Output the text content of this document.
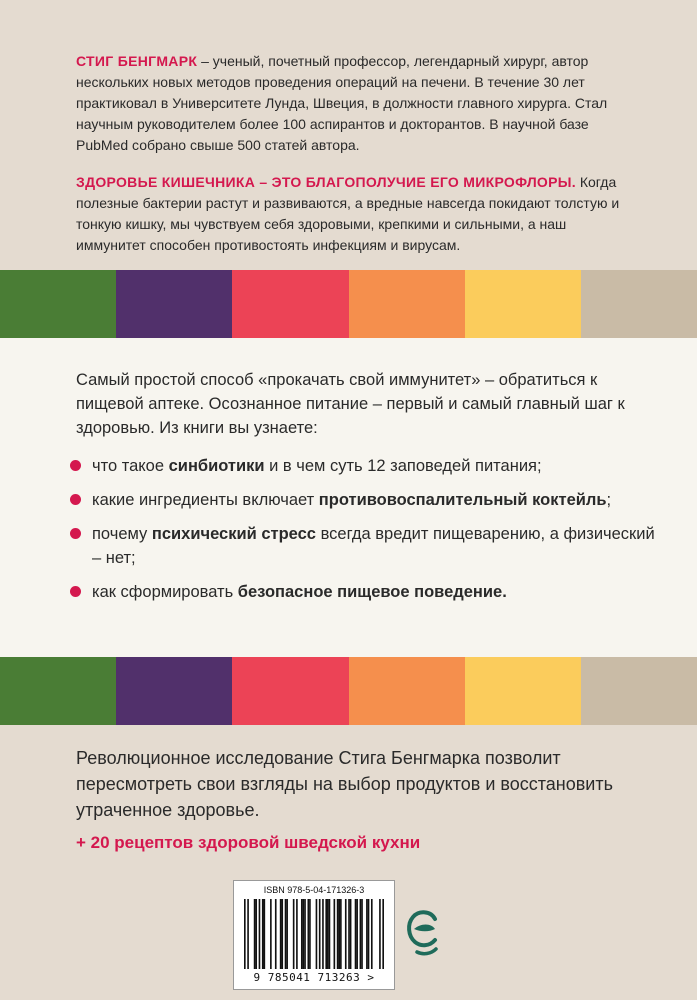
СТИГ БЕНГМАРК – ученый, почетный профессор, легендарный хирург, автор нескольких новых методов проведения операций на печени. В течение 30 лет практиковал в Университете Лунда, Швеция, в должности главного хирурга. Стал научным руководителем более 100 аспирантов и докторантов. В научной базе PubMed собрано свыше 500 статей автора.

ЗДОРОВЬЕ КИШЕЧНИКА – ЭТО БЛАГОПОЛУЧИЕ ЕГО МИКРОФЛОРЫ. Когда полезные бактерии растут и развиваются, а вредные навсегда покидают толстую и тонкую кишку, мы чувствуем себя здоровыми, крепкими и сильными, а наш иммунитет способен противостоять инфекциям и вирусам.

Самый простой способ «прокачать свой иммунитет» – обратиться к пищевой аптеке. Осознанное питание – первый и самый главный шаг к здоровью. Из книги вы узнаете:

что такое синбиотики и в чем суть 12 заповедей питания;
какие ингредиенты включает противовоспалительный коктейль;
почему психический стресс всегда вредит пищеварению, а физический – нет;
как сформировать безопасное пищевое поведение.

Революционное исследование Стига Бенгмарка позволит пересмотреть свои взгляды на выбор продуктов и восстановить утраченное здоровье.

+ 20 рецептов здоровой шведской кухни
ISBN 978-5-04-171326-3
9 785041 713263 >
